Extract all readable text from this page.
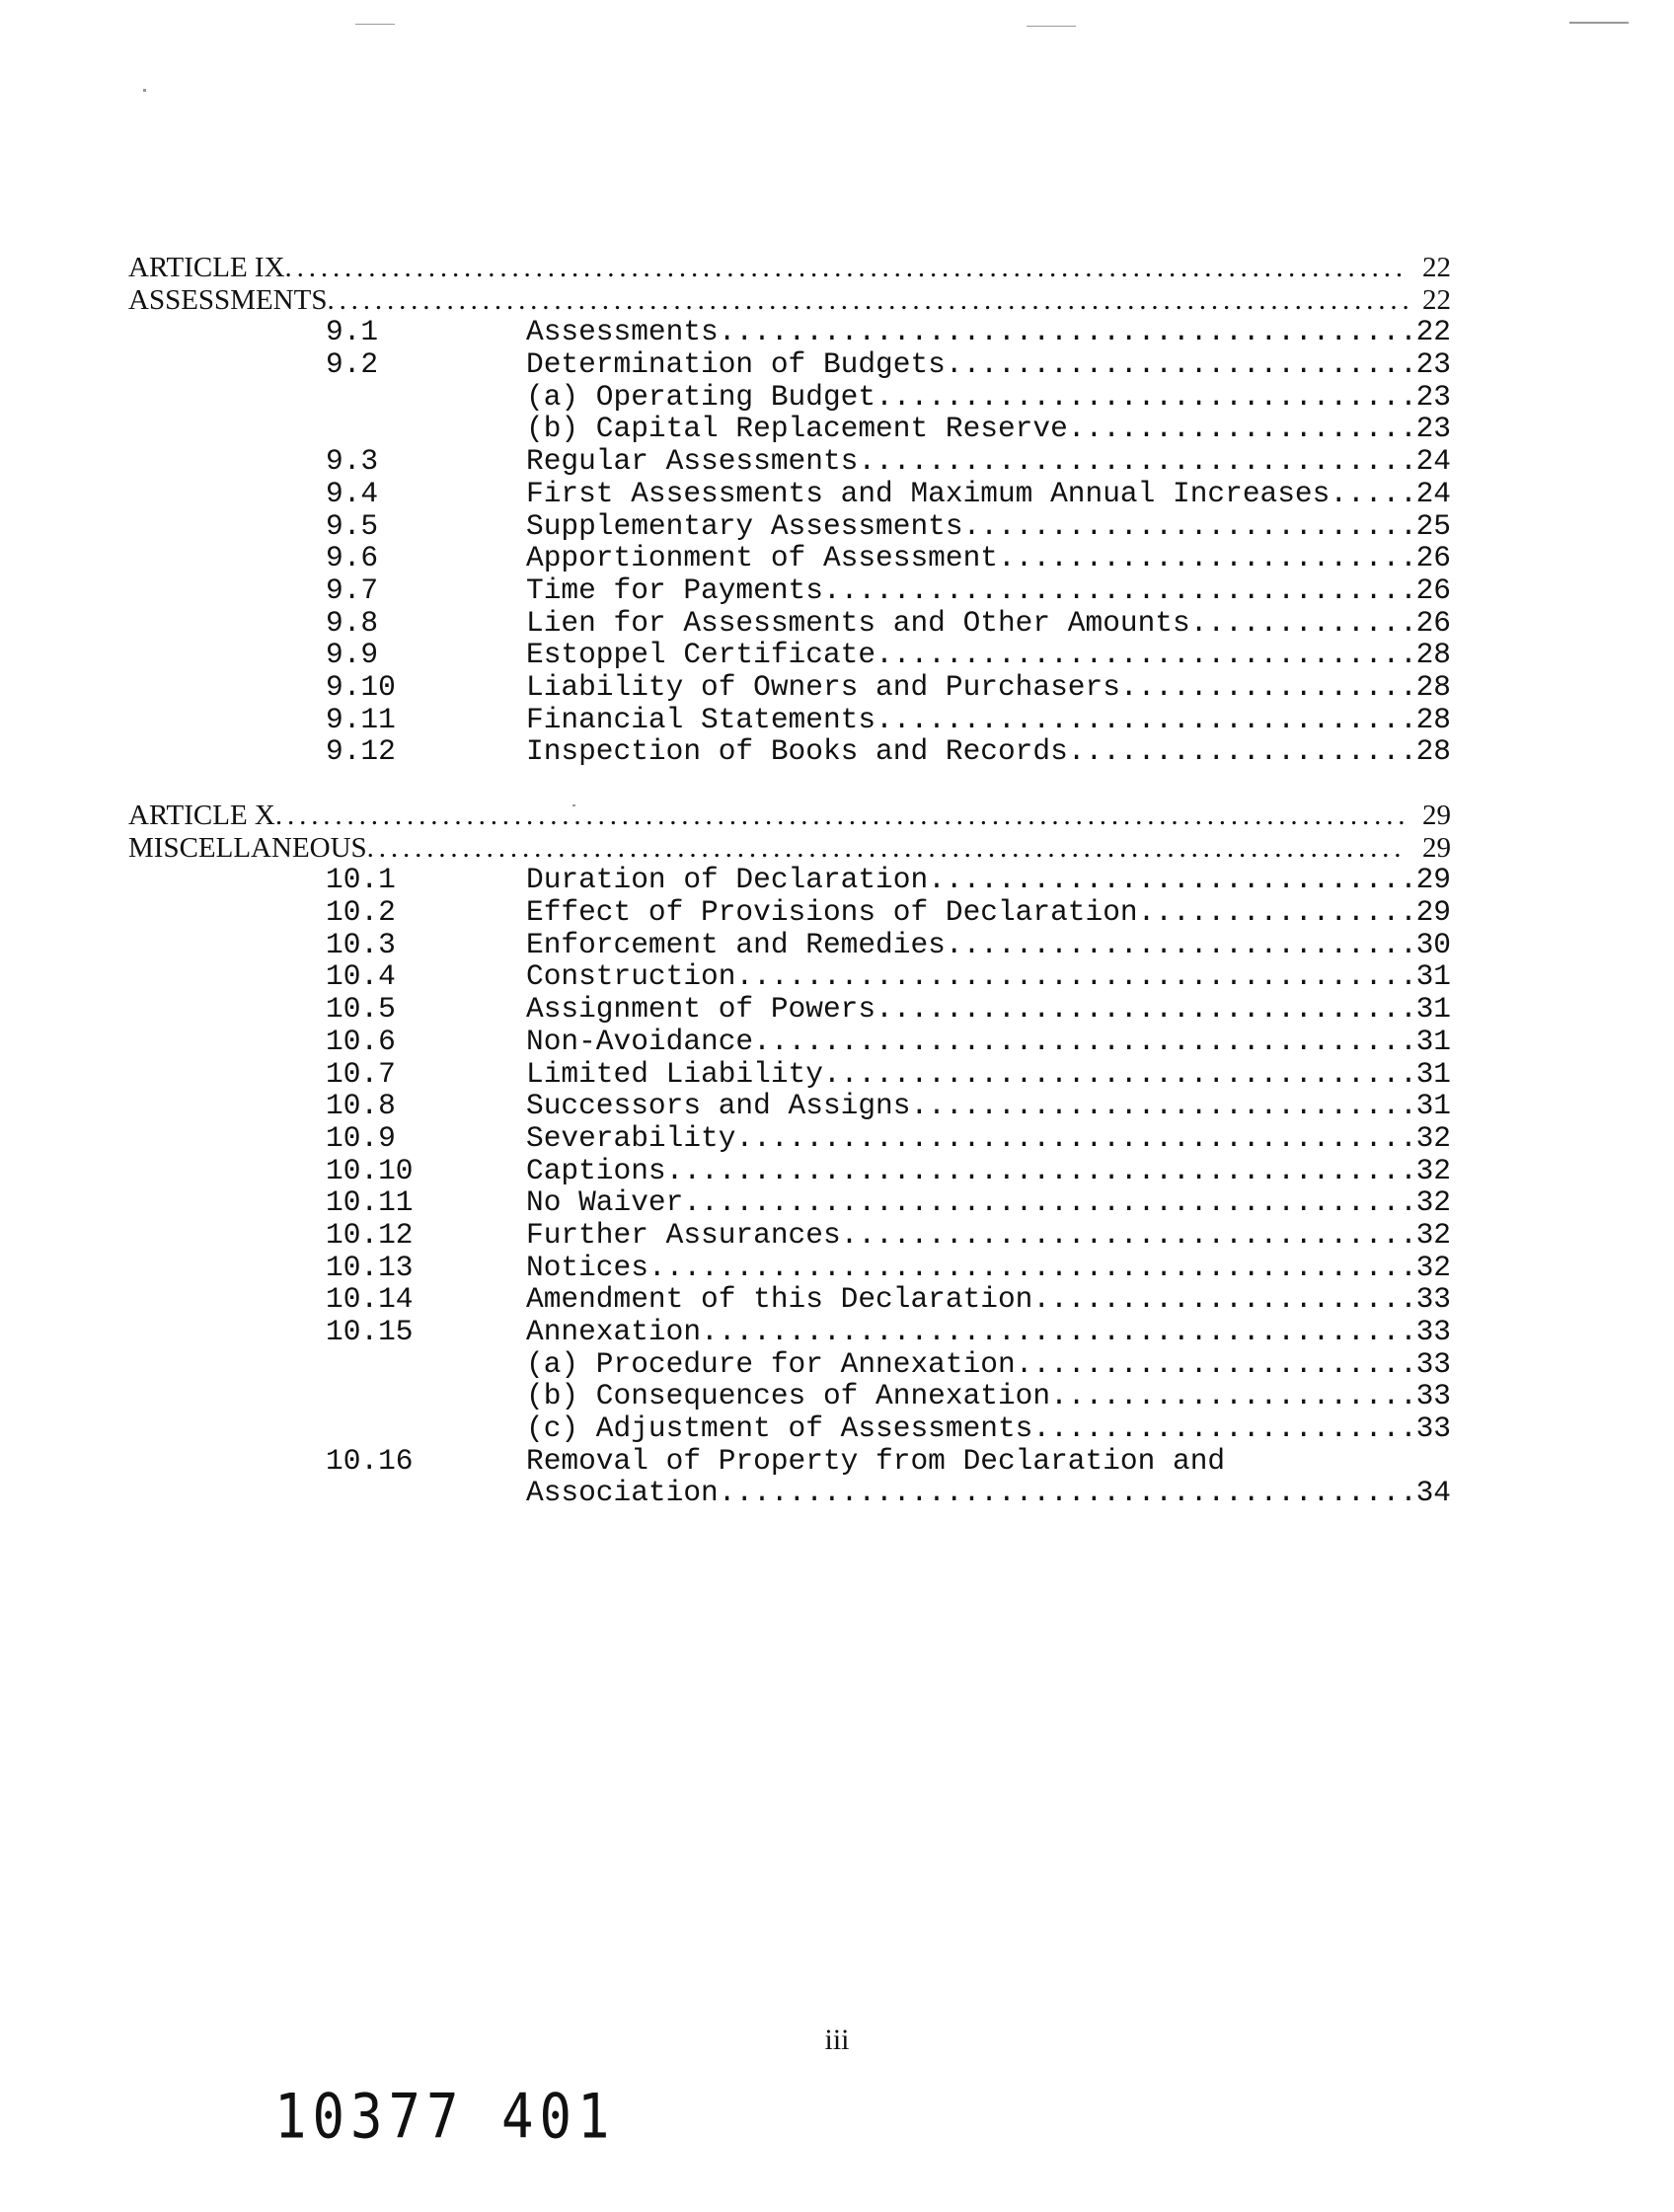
ARTICLE IX . . .	22
ASSESSMENTS . . .	22
9.1	Assessments .....	22
9.2	Determination of Budgets .....	23
(a) Operating Budget .....	23
(b) Capital Replacement Reserve .....	23
9.3	Regular Assessments .....	24
9.4	First Assessments and Maximum Annual Increases .....	24
9.5	Supplementary Assessments .....	25
9.6	Apportionment of Assessment .....	26
9.7	Time for Payments .....	26
9.8	Lien for Assessments and Other Amounts .....	26
9.9	Estoppel Certificate .....	28
9.10	Liability of Owners and Purchasers .....	28
9.11	Financial Statements .....	28
9.12	Inspection of Books and Records .....	28
ARTICLE X . . .	29
MISCELLANEOUS . . .	29
10.1	Duration of Declaration .....	29
10.2	Effect of Provisions of Declaration .....	29
10.3	Enforcement and Remedies .....	30
10.4	Construction .....	31
10.5	Assignment of Powers .....	31
10.6	Non-Avoidance .....	31
10.7	Limited Liability .....	31
10.8	Successors and Assigns .....	31
10.9	Severability .....	32
10.10	Captions .....	32
10.11	No Waiver .....	32
10.12	Further Assurances .....	32
10.13	Notices .....	32
10.14	Amendment of this Declaration .....	33
10.15	Annexation .....	33
(a) Procedure for Annexation .....	33
(b) Consequences of Annexation .....	33
(c) Adjustment of Assessments .....	33
10.16	Removal of Property from Declaration and
Association .....	34
iii
10377 401
